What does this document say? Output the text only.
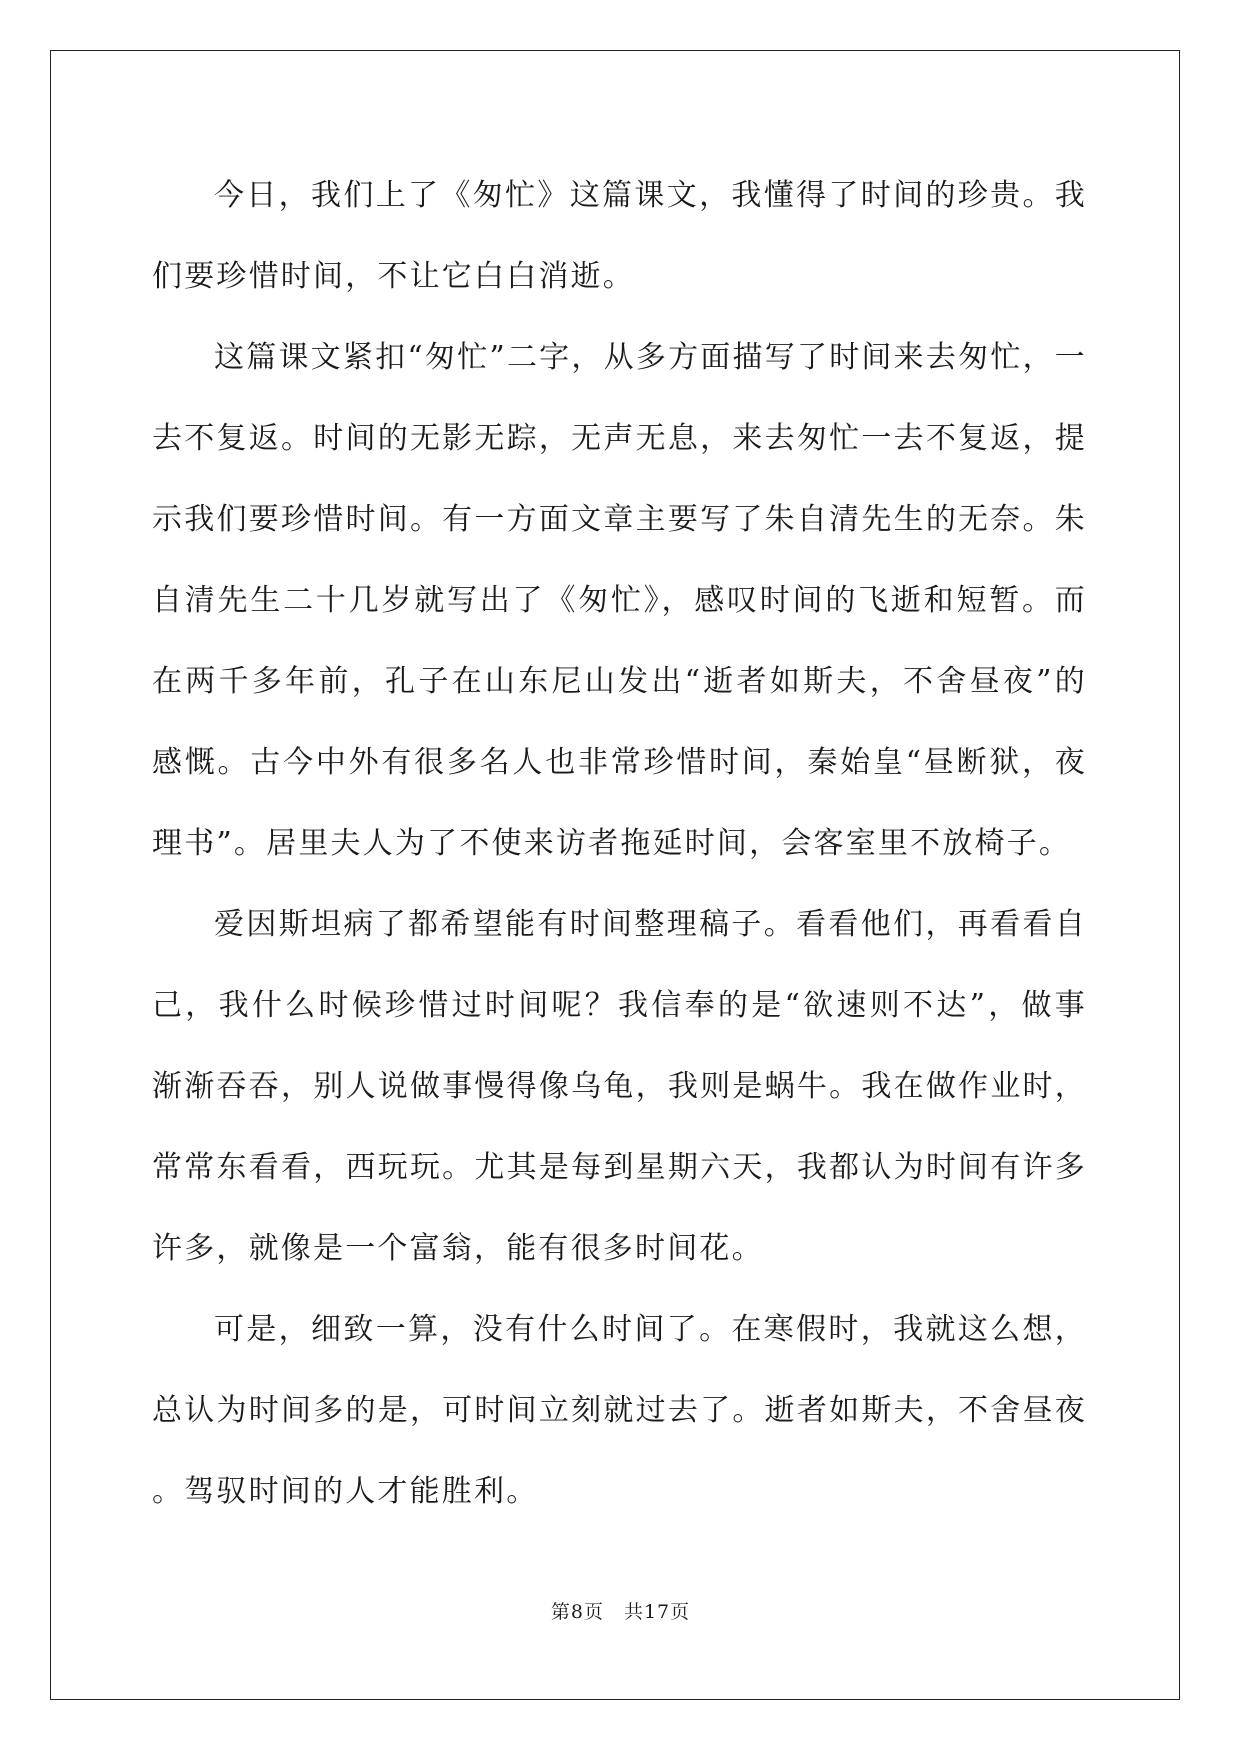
今日，我们上了《匆忙》这篇课文，我懂得了时间的珍贵。我们要珍惜时间，不让它白白消逝。

这篇课文紧扣“匆忙”二字，从多方面描写了时间来去匆忙，一去不复返。时间的无影无踪，无声无息，来去匆忙一去不复返，提示我们要珍惜时间。有一方面文章主要写了朱自清先生的无奈。朱自清先生二十几岁就写出了《匆忙》，感叹时间的飞逝和短暂。而在两千多年前，孔子在山东尼山发出“逝者如斯夫，不舍昼夜”的感慨。古今中外有很多名人也非常珍惜时间，秦始皇“昼断狱，夜理书”。居里夫人为了不使来访者拖延时间，会客室里不放椅子。

爱因斯坦病了都希望能有时间整理稿子。看看他们，再看看自己，我什么时候珍惜过时间呢？我信奉的是“欲速则不达”，做事渐渐吞吞，别人说做事慢得像乌龟，我则是蜗牛。我在做作业时，常常东看看，西玩玩。尤其是每到星期六天，我都认为时间有许多许多，就像是一个富翁，能有很多时间花。

可是，细致一算，没有什么时间了。在寒假时，我就这么想，总认为时间多的是，可时间立刻就过去了。逝者如斯夫，不舍昼夜。驾驭时间的人才能胜利。

第8页 共17页
